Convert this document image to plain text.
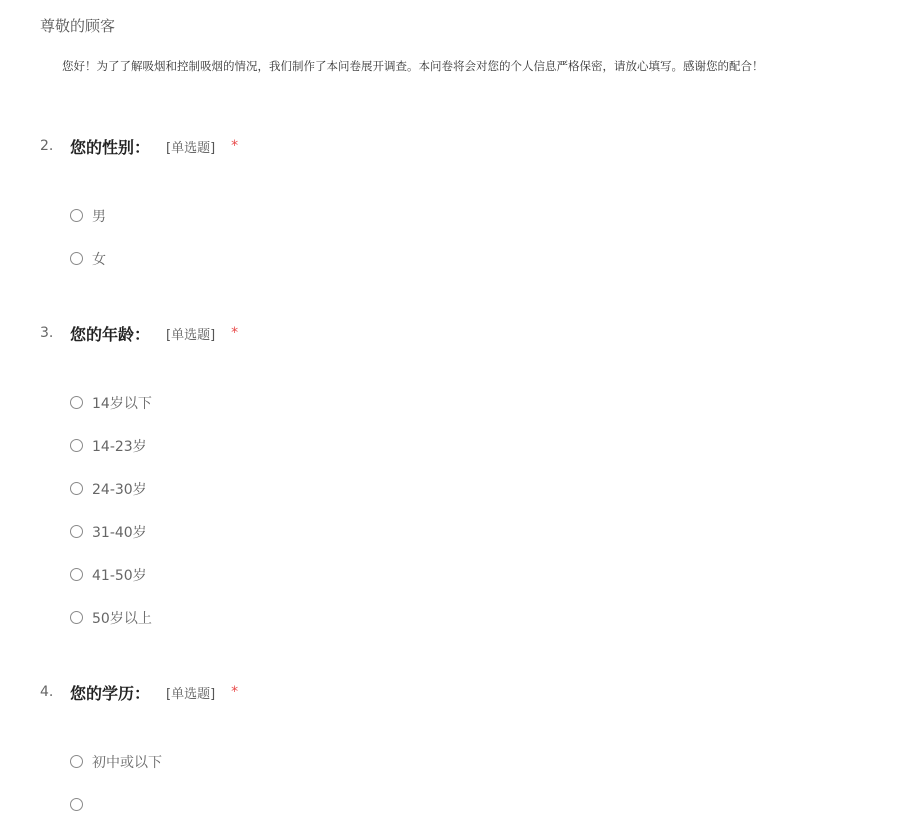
尊敬的顾客

您好！为了了解吸烟和控制吸烟的情况，我们制作了本问卷展开调查。本问卷将会对您的个人信息严格保密，请放心填写。感谢您的配合！

2.	您的性别： [单选题] *
男
女
3.	您的年龄： [单选题] *
14岁以下
14-23岁
24-30岁
31-40岁
41-50岁
50岁以上
4.	您的学历： [单选题] *
初中或以下
